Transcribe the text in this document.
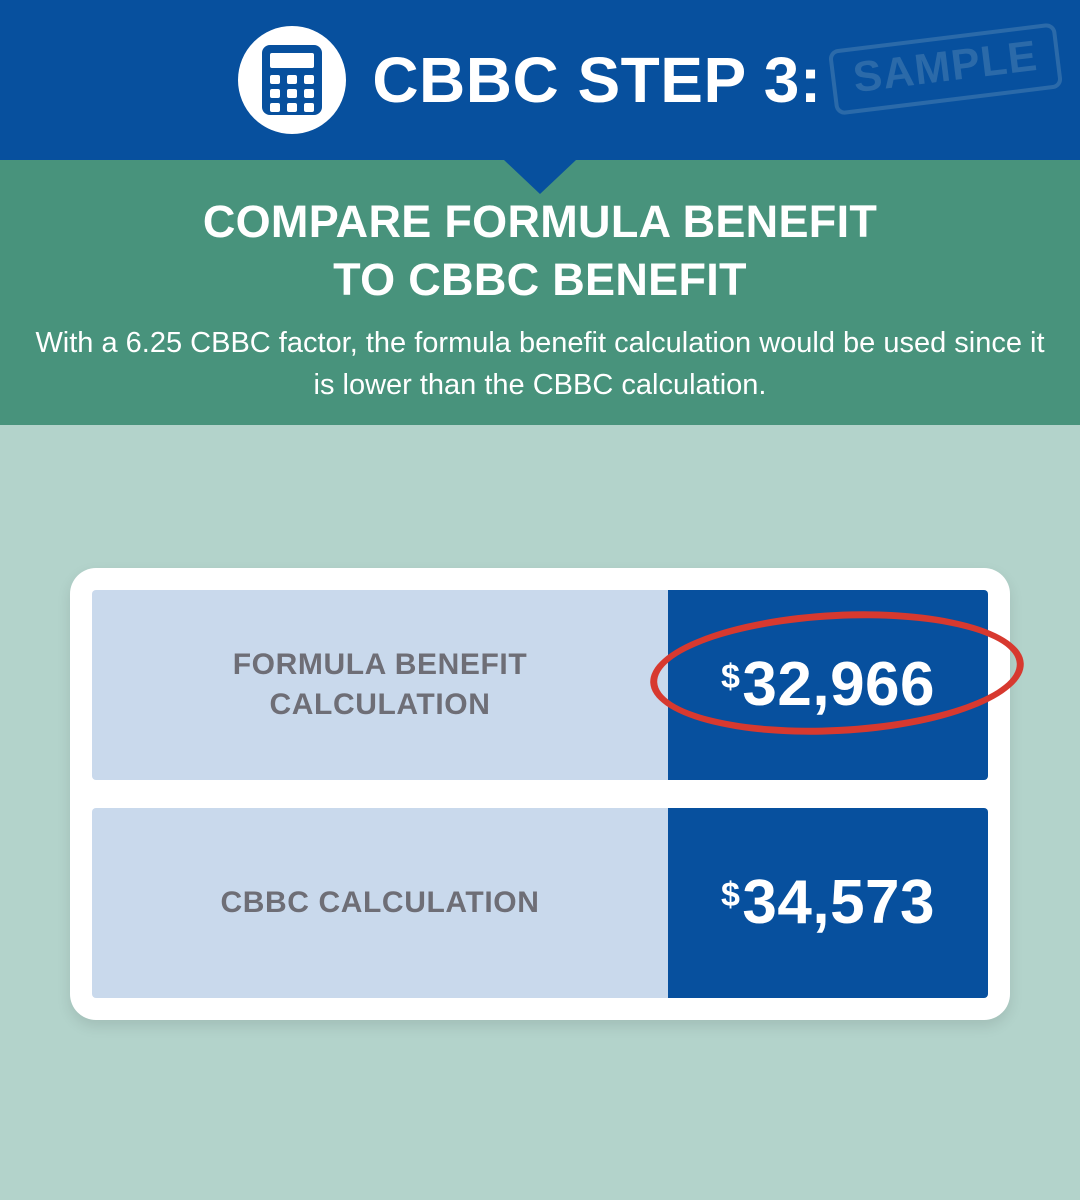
CBBC STEP 3: SAMPLE
COMPARE FORMULA BENEFIT
TO CBBC BENEFIT
With a 6.25 CBBC factor, the formula benefit calculation would be used since it is lower than the CBBC calculation.
FORMULA BENEFIT
CALCULATION
$ 32,966
CBBC CALCULATION	$ 34,573
